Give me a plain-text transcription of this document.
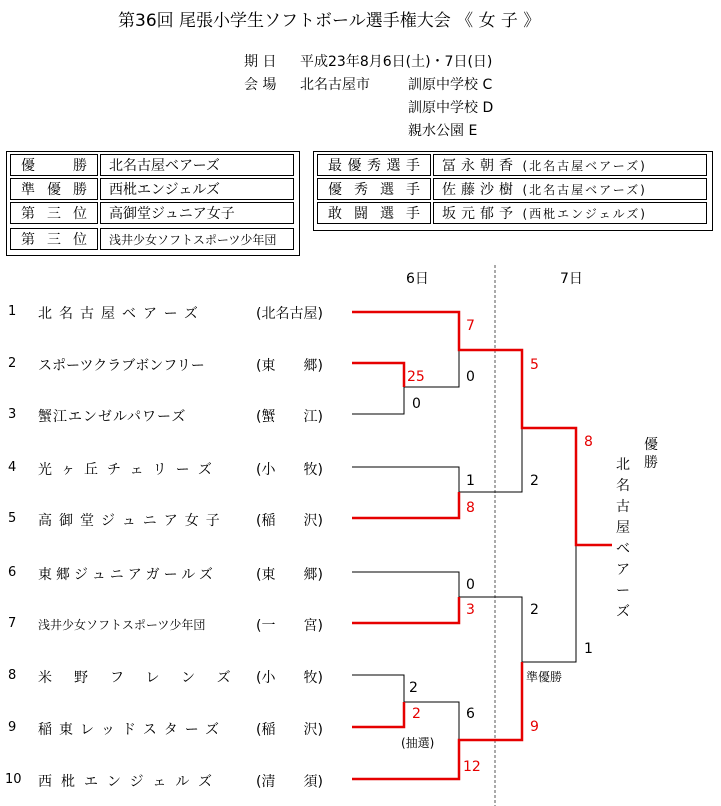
第36回 尾張小学生ソフトボール選手権大会 《 女 子 》
期 日 平成23年8月6日(土)・7日(日)
会 場 北名古屋市	訓原中学校 C
訓原中学校 D
親水公園 E
優 勝	北名古屋ベアーズ
準優勝	西枇エンジェルズ
第三位	高御堂ジュニア女子
第三位	浅井少女ソフトスポーツ少年団
最優秀選手	冨永朝香 (北名古屋ベアーズ)
優秀選手	佐藤沙樹 (北名古屋ベアーズ)
敢闘選手	坂元郁予 (西枇エンジェルズ)
6日	7日
1 北名古屋ベアーズ	(北名古屋)
2 スポーツクラブボンフリー	(東　　郷)
3 蟹江エンゼルパワーズ	(蟹　　江)
4 光ヶ丘チェリーズ	(小　　牧)
5 高御堂ジュニア女子 (稲　　沢)
6 東郷ジュニアガールズ	(東　　郷)
7 浅井少女ソフトスポーツ少年団	(一　　宮)
8 米野フレンズ (小　　牧)
9 稲東レッドスターズ (稲　　沢)
10 西枇エンジェルズ	(清　　須)
25
0
2
2
(抽選)
7
0
1
8
0
3
6
12
5
2
2
9
8
1
準優勝
優勝
北名古屋ベアーズ
